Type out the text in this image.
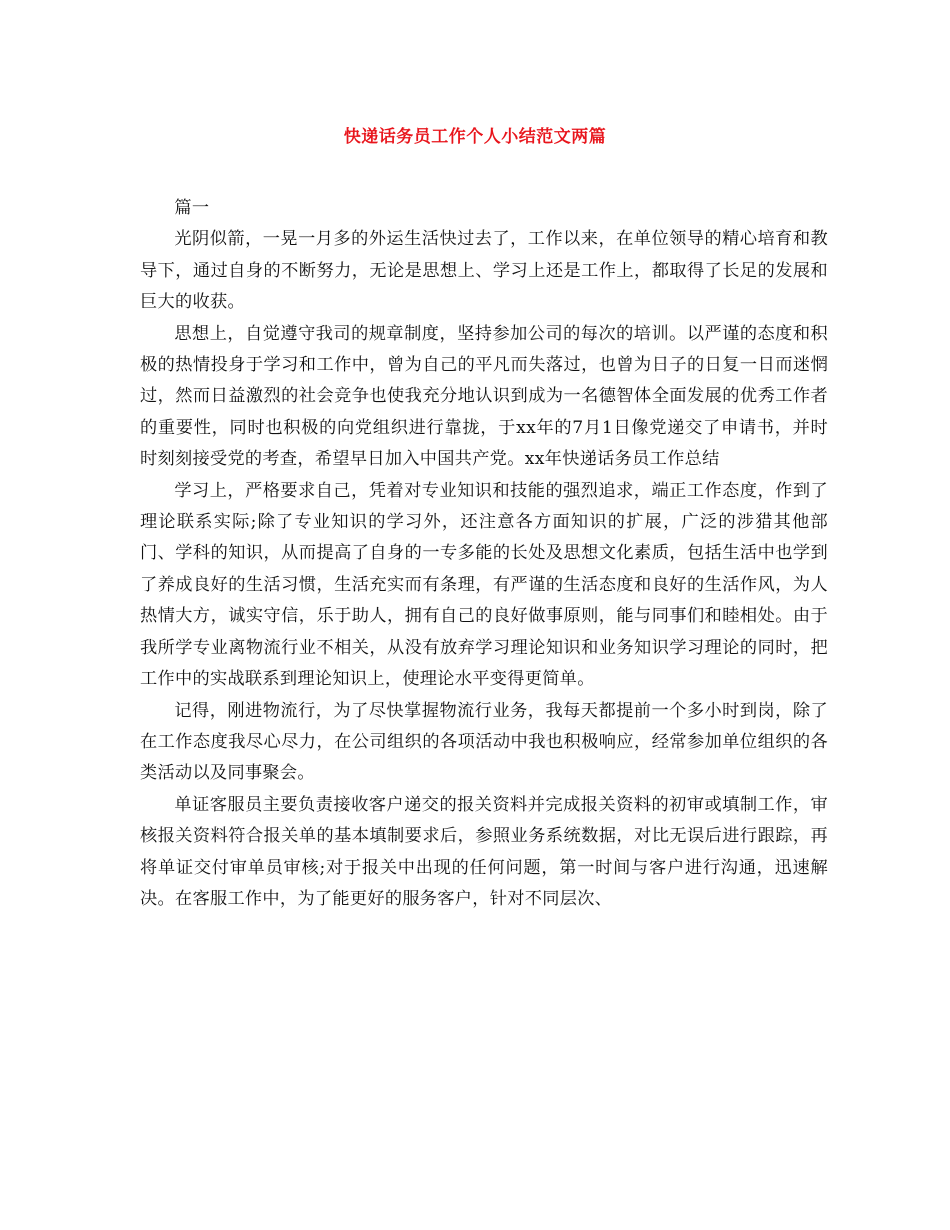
快递话务员工作个人小结范文两篇

篇一

光阴似箭，一晃一月多的外运生活快过去了，工作以来，在单位领导的精心培育和教导下，通过自身的不断努力，无论是思想上、学习上还是工作上，都取得了长足的发展和巨大的收获。

思想上，自觉遵守我司的规章制度，坚持参加公司的每次的培训。以严谨的态度和积极的热情投身于学习和工作中，曾为自己的平凡而失落过，也曾为日子的日复一日而迷惘过，然而日益激烈的社会竞争也使我充分地认识到成为一名德智体全面发展的优秀工作者的重要性，同时也积极的向党组织进行靠拢，于xx年的7月1日像党递交了申请书，并时时刻刻接受党的考查，希望早日加入中国共产党。xx年快递话务员工作总结

学习上，严格要求自己，凭着对专业知识和技能的强烈追求，端正工作态度，作到了理论联系实际;除了专业知识的学习外，还注意各方面知识的扩展，广泛的涉猎其他部门、学科的知识，从而提高了自身的一专多能的长处及思想文化素质，包括生活中也学到了养成良好的生活习惯，生活充实而有条理，有严谨的生活态度和良好的生活作风，为人热情大方，诚实守信，乐于助人，拥有自己的良好做事原则，能与同事们和睦相处。由于我所学专业离物流行业不相关，从没有放弃学习理论知识和业务知识学习理论的同时，把工作中的实战联系到理论知识上，使理论水平变得更简单。

记得，刚进物流行，为了尽快掌握物流行业务，我每天都提前一个多小时到岗，除了在工作态度我尽心尽力，在公司组织的各项活动中我也积极响应，经常参加单位组织的各类活动以及同事聚会。

单证客服员主要负责接收客户递交的报关资料并完成报关资料的初审或填制工作，审核报关资料符合报关单的基本填制要求后，参照业务系统数据，对比无误后进行跟踪，再将单证交付审单员审核;对于报关中出现的任何问题，第一时间与客户进行沟通，迅速解决。在客服工作中，为了能更好的服务客户，针对不同层次、
